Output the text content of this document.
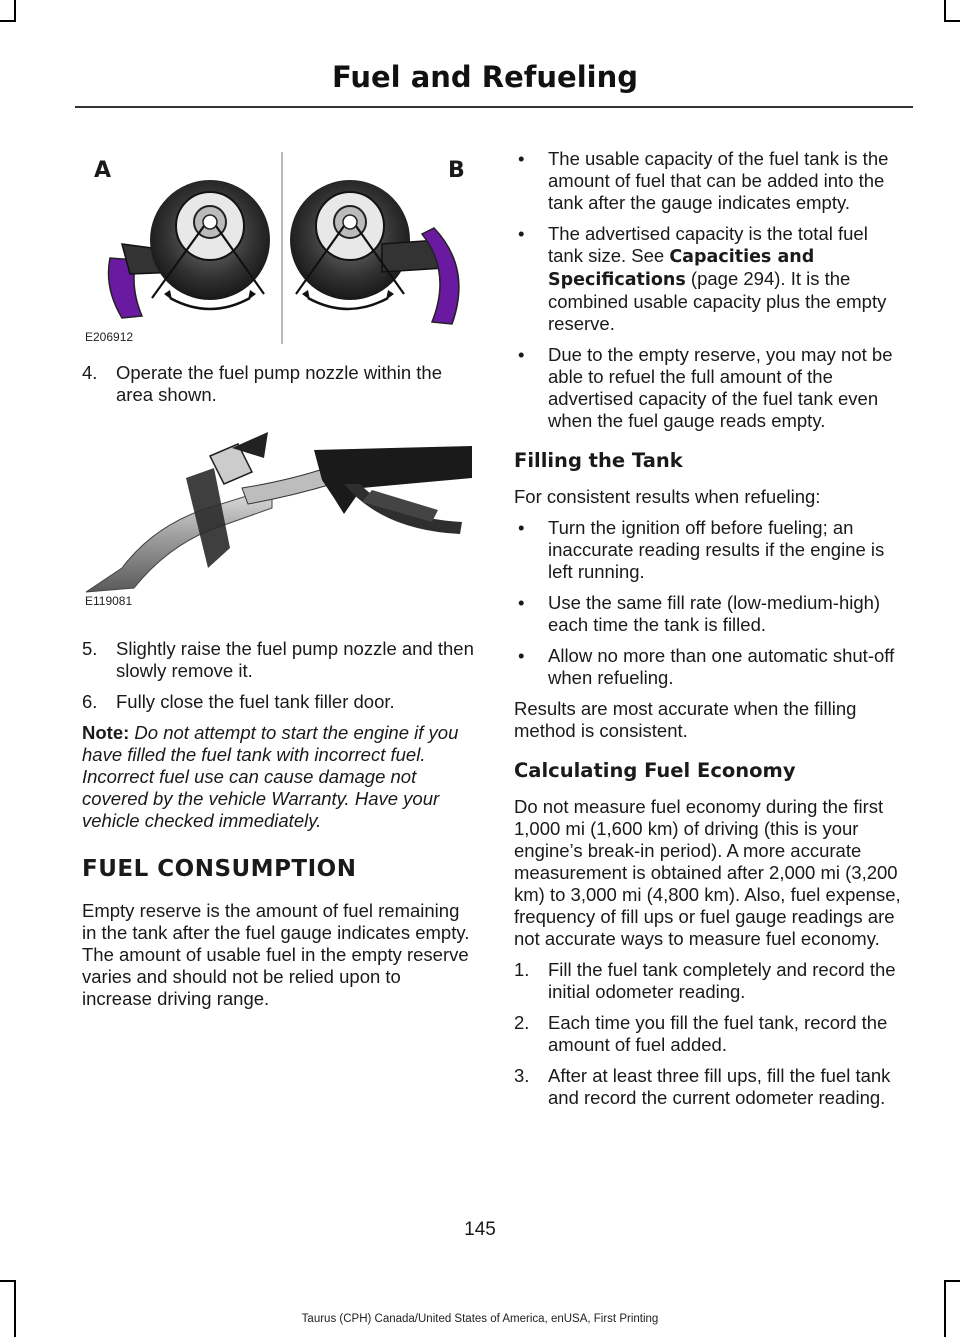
Fuel and Refueling
A	B
E206912
4. Operate the fuel pump nozzle within the area shown.
E119081
5. Slightly raise the fuel pump nozzle and then slowly remove it.
6. Fully close the fuel tank filler door.

Note: Do not attempt to start the engine if you have filled the fuel tank with incorrect fuel. Incorrect fuel use can cause damage not covered by the vehicle Warranty. Have your vehicle checked immediately.

FUEL CONSUMPTION

Empty reserve is the amount of fuel remaining in the tank after the fuel gauge indicates empty. The amount of usable fuel in the empty reserve varies and should not be relied upon to increase driving range.

• The usable capacity of the fuel tank is the amount of fuel that can be added into the tank after the gauge indicates empty.
• The advertised capacity is the total fuel tank size. See Capacities and Specifications (page 294). It is the combined usable capacity plus the empty reserve.
• Due to the empty reserve, you may not be able to refuel the full amount of the advertised capacity of the fuel tank even when the fuel gauge reads empty.
Filling the Tank

For consistent results when refueling:

• Turn the ignition off before fueling; an inaccurate reading results if the engine is left running.
• Use the same fill rate (low-medium-high) each time the tank is filled.
• Allow no more than one automatic shut-off when refueling.

Results are most accurate when the filling method is consistent.

Calculating Fuel Economy

Do not measure fuel economy during the first 1,000 mi (1,600 km) of driving (this is your engine’s break-in period). A more accurate measurement is obtained after 2,000 mi (3,200 km) to 3,000 mi (4,800 km). Also, fuel expense, frequency of fill ups or fuel gauge readings are not accurate ways to measure fuel economy.

1. Fill the fuel tank completely and record the initial odometer reading.
2. Each time you fill the fuel tank, record the amount of fuel added.
3. After at least three fill ups, fill the fuel tank and record the current odometer reading.
145
Taurus (CPH) Canada/United States of America, enUSA, First Printing
